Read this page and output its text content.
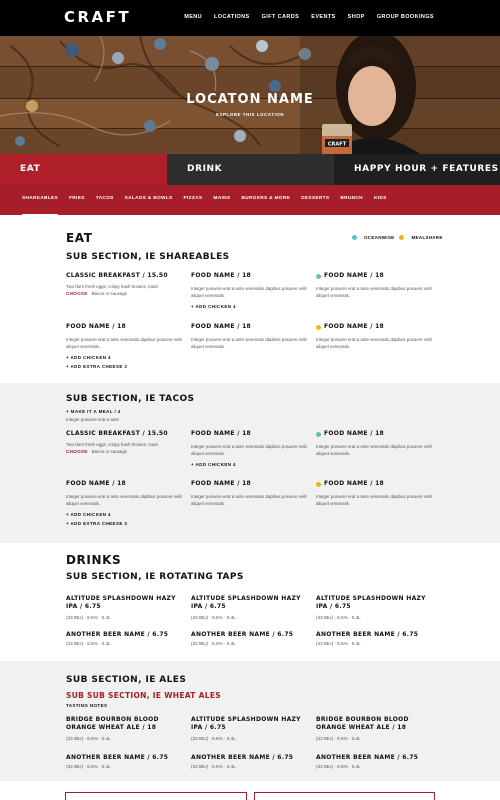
CRAFT	MENU LOCATIONS GIFT CARDS EVENTS SHOP GROUP BOOKINGS
CRAFT
LOCATON NAME
EXPLORE THIS LOCATION
EAT	DRINK	HAPPY HOUR + FEATURES
SHAREABLES FRIES TACOS SALADS & BOWLS PIZZAS MAINS BURGERS & MORE DESSERTS BRUNCH KIDS
EAT
SUB SECTION, IE SHAREABLES
CLASSIC BREAKFAST / 15.50
Two farm fresh eggs, crispy hash browns, toast
CHOOSE Bacon or sausage
FOOD NAME / 18
Integer posuere erat a ante venenatis dapibus posuere velit aliquet venenatis.
+ ADD CHICKEN 4
FOOD NAME / 18
Integer posuere erat a ante venenatis dapibus posuere velit aliquet venenatis.
FOOD NAME / 18
Integer posuere erat a ante venenatis dapibus posuere velit aliquet venenatis.
+ ADD CHICKEN 4
+ ADD EXTRA CHEESE 3
FOOD NAME / 18
Integer posuere erat a ante venenatis dapibus posuere velit aliquet venenatis.
FOOD NAME / 18
Integer posuere erat a ante venenatis dapibus posuere velit aliquet venenatis.
OCEANWISE	MEALSHARE
SUB SECTION, IE TACOS
+ MAKE IT A MEAL / 4
Integer posuere erat a ante
CLASSIC BREAKFAST / 15.50
Two farm fresh eggs, crispy hash browns, toast
CHOOSE Bacon or sausage
FOOD NAME / 18
Integer posuere erat a ante venenatis dapibus posuere velit aliquet venenatis.
+ ADD CHICKEN 4
FOOD NAME / 18
Integer posuere erat a ante venenatis dapibus posuere velit aliquet venenatis.
FOOD NAME / 18
Integer posuere erat a ante venenatis dapibus posuere velit aliquet venenatis.
+ ADD CHICKEN 4
+ ADD EXTRA CHEESE 3
FOOD NAME / 18
Integer posuere erat a ante venenatis dapibus posuere velit aliquet venenatis.
FOOD NAME / 18
Integer posuere erat a ante venenatis dapibus posuere velit aliquet venenatis.
DRINKS
SUB SECTION, IE ROTATING TAPS
ALTITUDE SPLASHDOWN HAZY IPA / 6.75
(33 IBU) · 6.5% · 0.4L
ALTITUDE SPLASHDOWN HAZY IPA / 6.75
(33 IBU) · 6.5% · 0.4L
ALTITUDE SPLASHDOWN HAZY IPA / 6.75
(33 IBU) · 6.5% · 0.4L
ANOTHER BEER NAME / 6.75
(33 IBU) · 6.5% · 0.4L
ANOTHER BEER NAME / 6.75
(33 IBU) · 6.5% · 0.4L
ANOTHER BEER NAME / 6.75
(33 IBU) · 6.5% · 0.4L
SUB SECTION, IE ALES
SUB SUB SECTION, IE WHEAT ALES
TASTING NOTES
BRIDGE BOURBON BLOOD ORANGE WHEAT ALE / 18
(33 IBU) · 6.5% · 0.4L
ALTITUDE SPLASHDOWN HAZY IPA / 6.75
(33 IBU) · 6.5% · 0.4L
BRIDGE BOURBON BLOOD ORANGE WHEAT ALE / 18
(33 IBU) · 6.5% · 0.4L
ANOTHER BEER NAME / 6.75
(33 IBU) · 6.5% · 0.4L
ANOTHER BEER NAME / 6.75
(33 IBU) · 6.5% · 0.4L
ANOTHER BEER NAME / 6.75
(33 IBU) · 6.5% · 0.4L
